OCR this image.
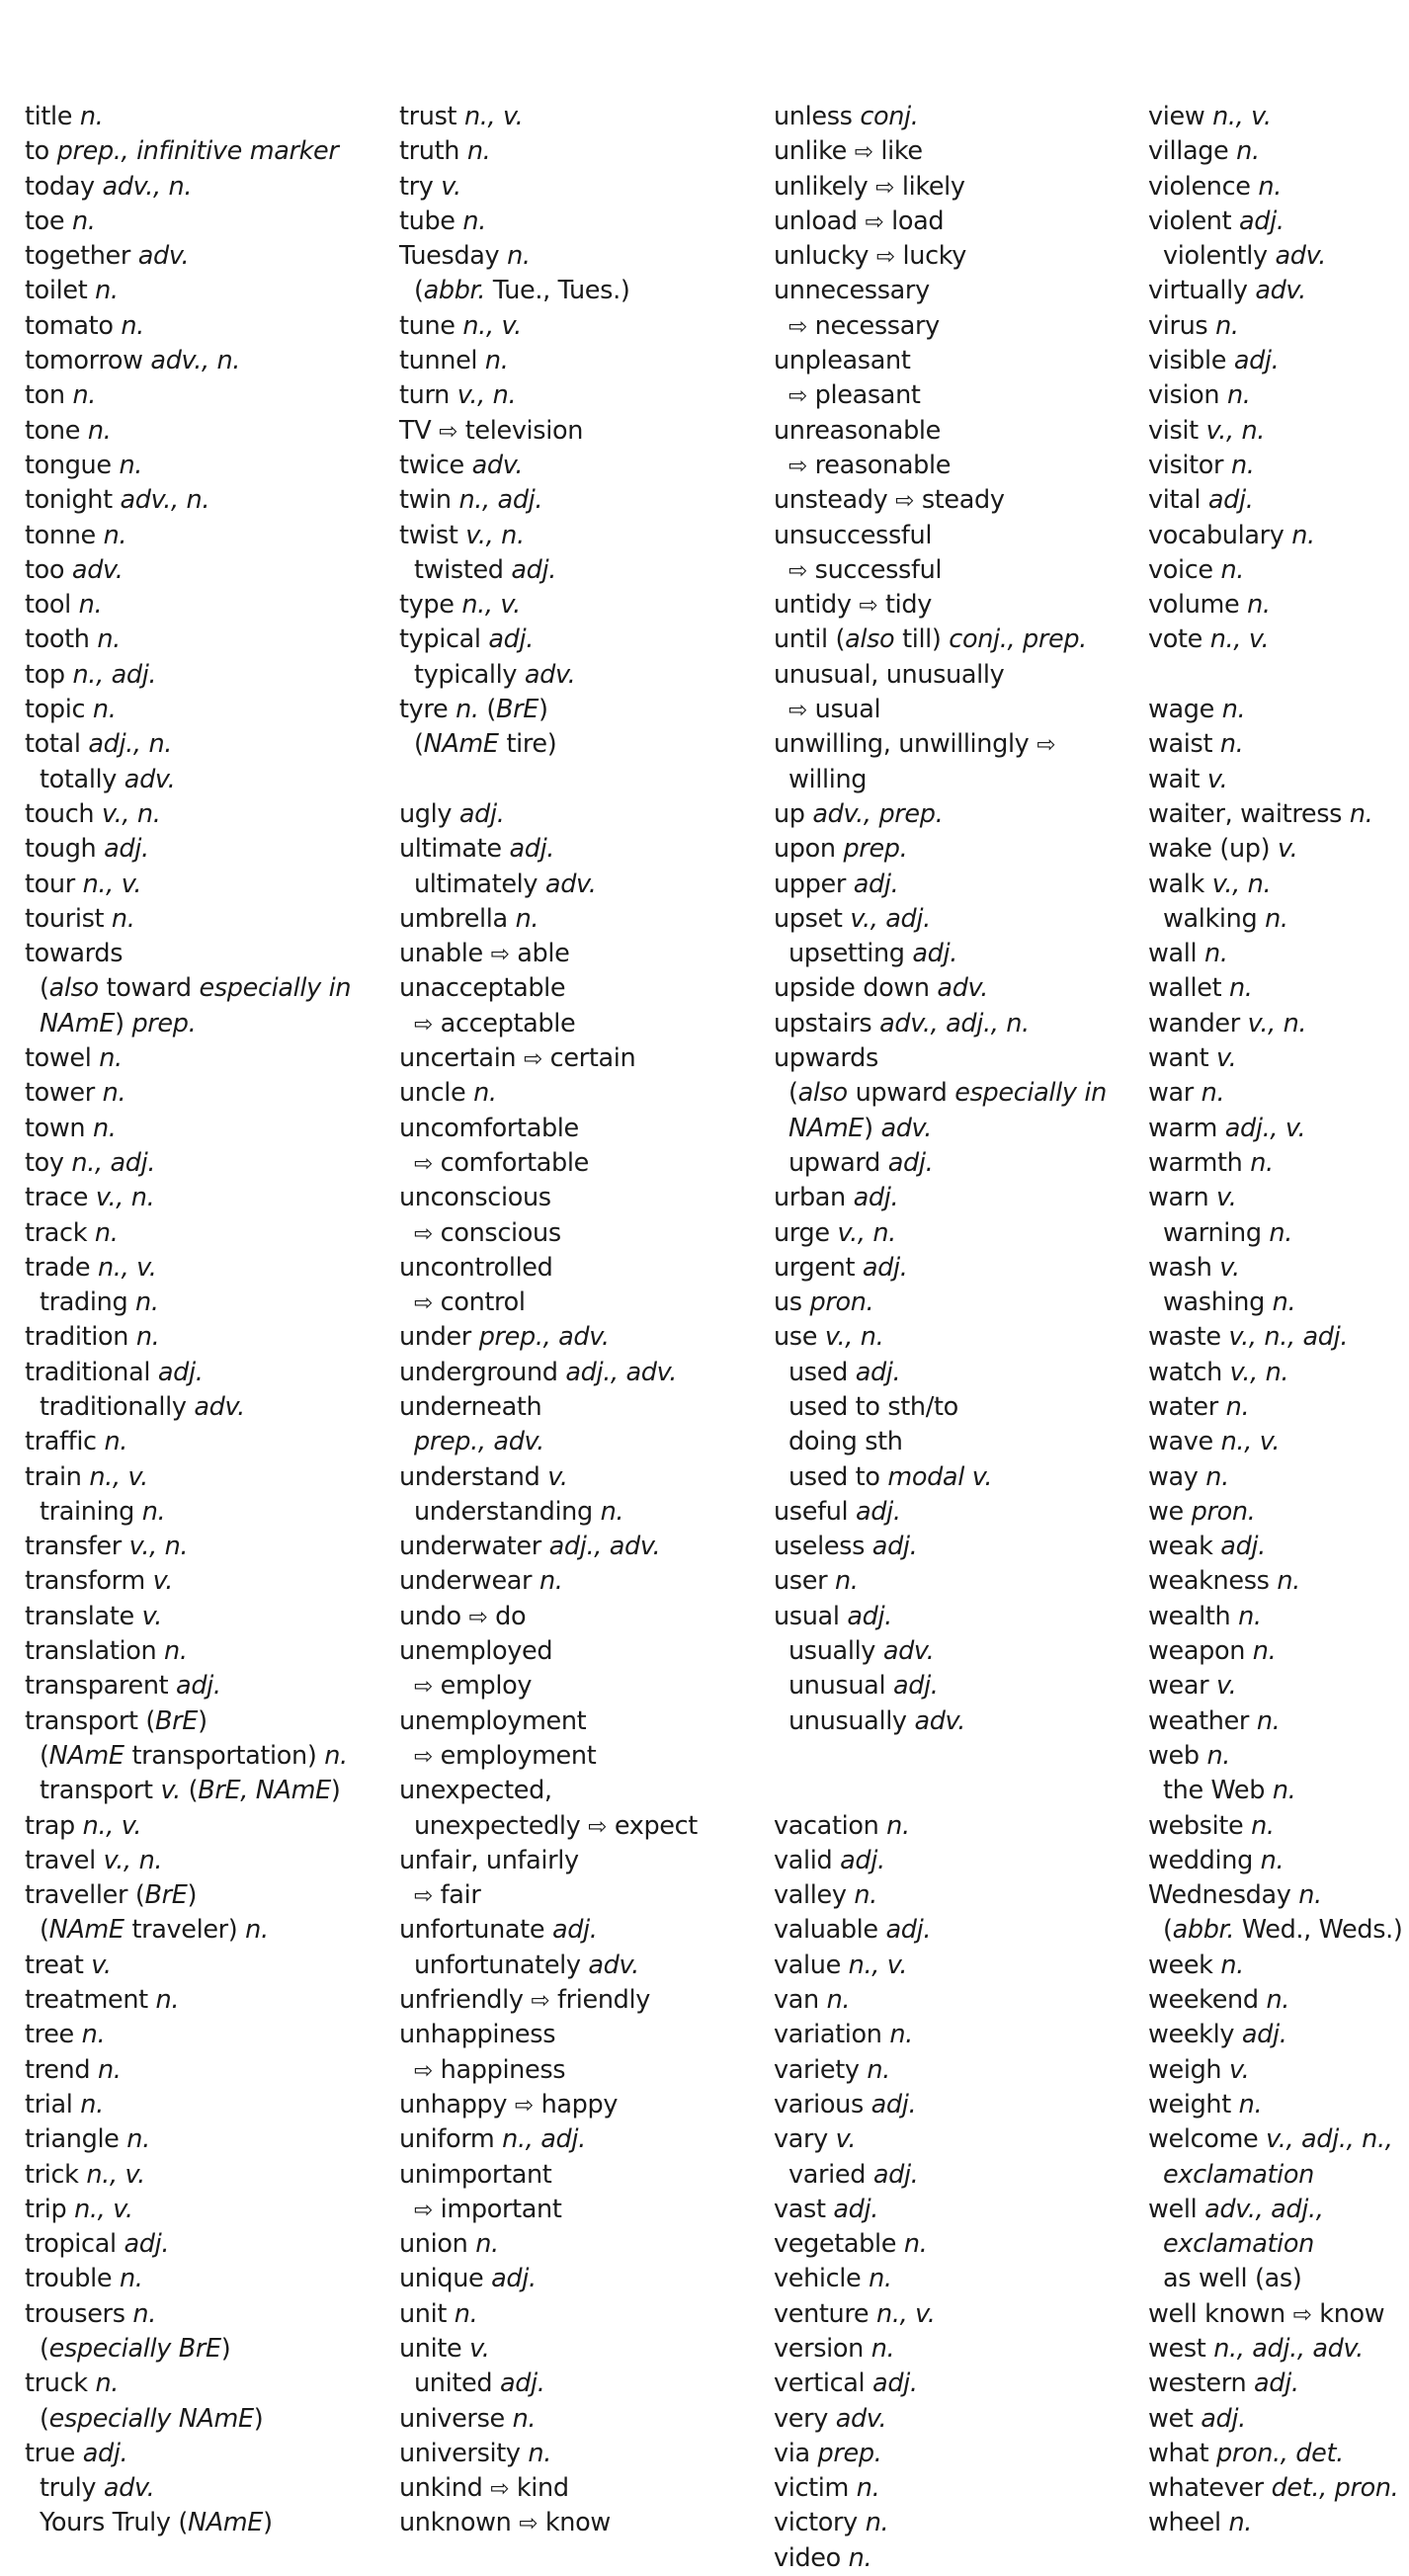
title n.
to prep., infinitive marker
today adv., n.
toe n.
together adv.
toilet n.
tomato n.
tomorrow adv., n.
ton n.
tone n.
tongue n.
tonight adv., n.
tonne n.
too adv.
tool n.
tooth n.
top n., adj.
topic n.
total adj., n.
totally adv.
touch v., n.
tough adj.
tour n., v.
tourist n.
towards
(also toward especially in
NAmE) prep.
towel n.
tower n.
town n.
toy n., adj.
trace v., n.
track n.
trade n., v.
trading n.
tradition n.
traditional adj.
traditionally adv.
traffic n.
train n., v.
training n.
transfer v., n.
transform v.
translate v.
translation n.
transparent adj.
transport (BrE)
(NAmE transportation) n.
transport v. (BrE, NAmE)
trap n., v.
travel v., n.
traveller (BrE)
(NAmE traveler) n.
treat v.
treatment n.
tree n.
trend n.
trial n.
triangle n.
trick n., v.
trip n., v.
tropical adj.
trouble n.
trousers n.
(especially BrE)
truck n.
(especially NAmE)
true adj.
truly adv.
Yours Truly (NAmE)
trust n., v.
truth n.
try v.
tube n.
Tuesday n.
(abbr. Tue., Tues.)
tune n., v.
tunnel n.
turn v., n.
TV ⇨ television
twice adv.
twin n., adj.
twist v., n.
twisted adj.
type n., v.
typical adj.
typically adv.
tyre n. (BrE)
(NAmE tire)
ugly adj.
ultimate adj.
ultimately adv.
umbrella n.
unable ⇨ able
unacceptable
⇨ acceptable
uncertain ⇨ certain
uncle n.
uncomfortable
⇨ comfortable
unconscious
⇨ conscious
uncontrolled
⇨ control
under prep., adv.
underground adj., adv.
underneath
prep., adv.
understand v.
understanding n.
underwater adj., adv.
underwear n.
undo ⇨ do
unemployed
⇨ employ
unemployment
⇨ employment
unexpected,
unexpectedly ⇨ expect
unfair, unfairly
⇨ fair
unfortunate adj.
unfortunately adv.
unfriendly ⇨ friendly
unhappiness
⇨ happiness
unhappy ⇨ happy
uniform n., adj.
unimportant
⇨ important
union n.
unique adj.
unit n.
unite v.
united adj.
universe n.
university n.
unkind ⇨ kind
unknown ⇨ know
unless conj.
unlike ⇨ like
unlikely ⇨ likely
unload ⇨ load
unlucky ⇨ lucky
unnecessary
⇨ necessary
unpleasant
⇨ pleasant
unreasonable
⇨ reasonable
unsteady ⇨ steady
unsuccessful
⇨ successful
untidy ⇨ tidy
until (also till) conj., prep.
unusual, unusually
⇨ usual
unwilling, unwillingly ⇨
willing
up adv., prep.
upon prep.
upper adj.
upset v., adj.
upsetting adj.
upside down adv.
upstairs adv., adj., n.
upwards
(also upward especially in
NAmE) adv.
upward adj.
urban adj.
urge v., n.
urgent adj.
us pron.
use v., n.
used adj.
used to sth/to
doing sth
used to modal v.
useful adj.
useless adj.
user n.
usual adj.
usually adv.
unusual adj.
unusually adv.
vacation n.
valid adj.
valley n.
valuable adj.
value n., v.
van n.
variation n.
variety n.
various adj.
vary v.
varied adj.
vast adj.
vegetable n.
vehicle n.
venture n., v.
version n.
vertical adj.
very adv.
via prep.
victim n.
victory n.
video n.
view n., v.
village n.
violence n.
violent adj.
violently adv.
virtually adv.
virus n.
visible adj.
vision n.
visit v., n.
visitor n.
vital adj.
vocabulary n.
voice n.
volume n.
vote n., v.
wage n.
waist n.
wait v.
waiter, waitress n.
wake (up) v.
walk v., n.
walking n.
wall n.
wallet n.
wander v., n.
want v.
war n.
warm adj., v.
warmth n.
warn v.
warning n.
wash v.
washing n.
waste v., n., adj.
watch v., n.
water n.
wave n., v.
way n.
we pron.
weak adj.
weakness n.
wealth n.
weapon n.
wear v.
weather n.
web n.
the Web n.
website n.
wedding n.
Wednesday n.
(abbr. Wed., Weds.)
week n.
weekend n.
weekly adj.
weigh v.
weight n.
welcome v., adj., n.,
exclamation
well adv., adj.,
exclamation
as well (as)
well known ⇨ know
west n., adj., adv.
western adj.
wet adj.
what pron., det.
whatever det., pron.
wheel n.
